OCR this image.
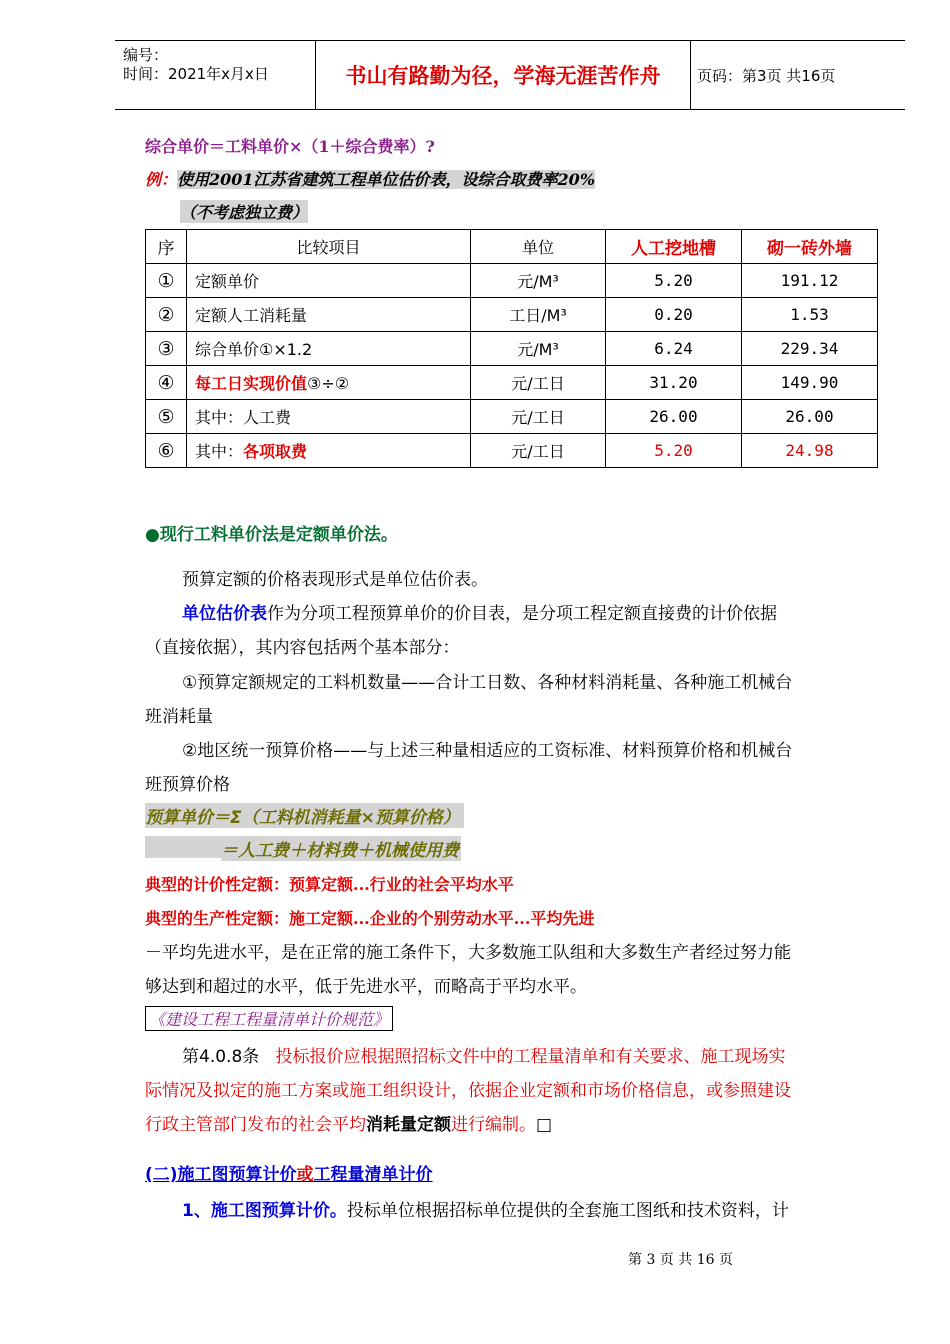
编号：
时间：2021年x月x日	书山有路勤为径，学海无涯苦作舟	页码：第3页 共16页
综合单价＝工料单价×（1＋综合费率）?
例：使用2001江苏省建筑工程单位估价表，设综合取费率20%
（不考虑独立费）
序	比较项目	单位	人工挖地槽	砌一砖外墙
①	定额单价	元/M³	5.20	191.12
②	定额人工消耗量	工日/M³	0.20	1.53
③	综合单价①×1.2	元/M³	6.24	229.34
④	每工日实现价值③÷②	元/工日	31.20	149.90
⑤	其中：人工费	元/工日	26.00	26.00
⑥	其中：各项取费	元/工日	5.20	24.98
●现行工料单价法是定额单价法。
预算定额的价格表现形式是单位估价表。
单位估价表作为分项工程预算单价的价目表，是分项工程定额直接费的计价依据
（直接依据），其内容包括两个基本部分：
①预算定额规定的工料机数量——合计工日数、各种材料消耗量、各种施工机械台
班消耗量
②地区统一预算价格——与上述三种量相适应的工资标准、材料预算价格和机械台
班预算价格
预算单价＝Σ（工料机消耗量×预算价格）
＝人工费＋材料费＋机械使用费
典型的计价性定额：预算定额...行业的社会平均水平
典型的生产性定额：施工定额...企业的个别劳动水平...平均先进
－平均先进水平，是在正常的施工条件下，大多数施工队组和大多数生产者经过努力能
够达到和超过的水平，低于先进水平，而略高于平均水平。
《建设工程工程量清单计价规范》
第4.0.8条 投标报价应根据照招标文件中的工程量清单和有关要求、施工现场实
际情况及拟定的施工方案或施工组织设计，依据企业定额和市场价格信息，或参照建设
行政主管部门发布的社会平均消耗量定额进行编制。□
(二)施工图预算计价或工程量清单计价
1、施工图预算计价。投标单位根据招标单位提供的全套施工图纸和技术资料，计
第 3 页 共 16 页
